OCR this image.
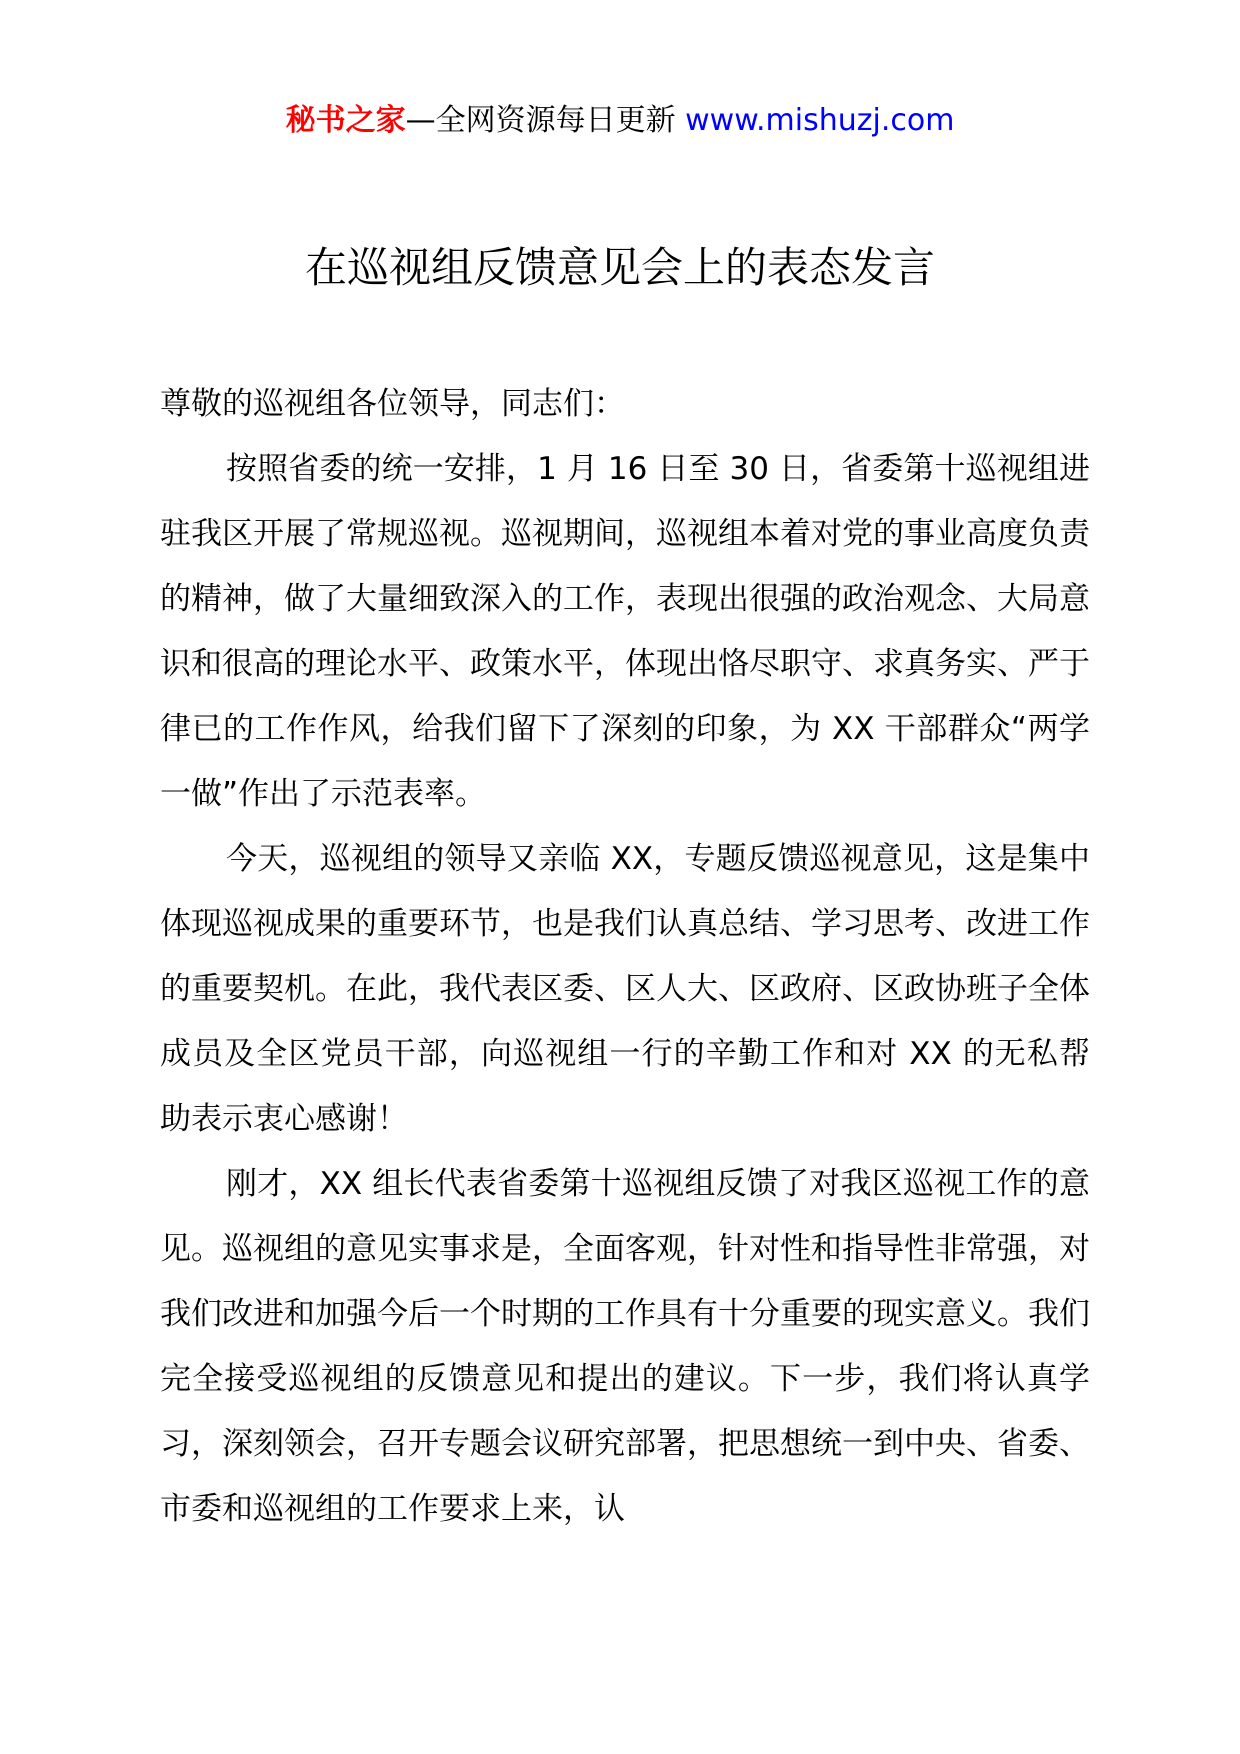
秘书之家—全网资源每日更新 www.mishuzj.com
在巡视组反馈意见会上的表态发言

尊敬的巡视组各位领导，同志们：

按照省委的统一安排，1 月 16 日至 30 日，省委第十巡视组进驻我区开展了常规巡视。巡视期间，巡视组本着对党的事业高度负责的精神，做了大量细致深入的工作，表现出很强的政治观念、大局意识和很高的理论水平、政策水平，体现出恪尽职守、求真务实、严于律已的工作作风，给我们留下了深刻的印象，为 XX 干部群众“两学一做”作出了示范表率。

今天，巡视组的领导又亲临 XX，专题反馈巡视意见，这是集中体现巡视成果的重要环节，也是我们认真总结、学习思考、改进工作的重要契机。在此，我代表区委、区人大、区政府、区政协班子全体成员及全区党员干部，向巡视组一行的辛勤工作和对 XX 的无私帮助表示衷心感谢！

刚才，XX 组长代表省委第十巡视组反馈了对我区巡视工作的意见。巡视组的意见实事求是，全面客观，针对性和指导性非常强，对我们改进和加强今后一个时期的工作具有十分重要的现实意义。我们完全接受巡视组的反馈意见和提出的建议。下一步，我们将认真学习，深刻领会，召开专题会议研究部署，把思想统一到中央、省委、市委和巡视组的工作要求上来，认
